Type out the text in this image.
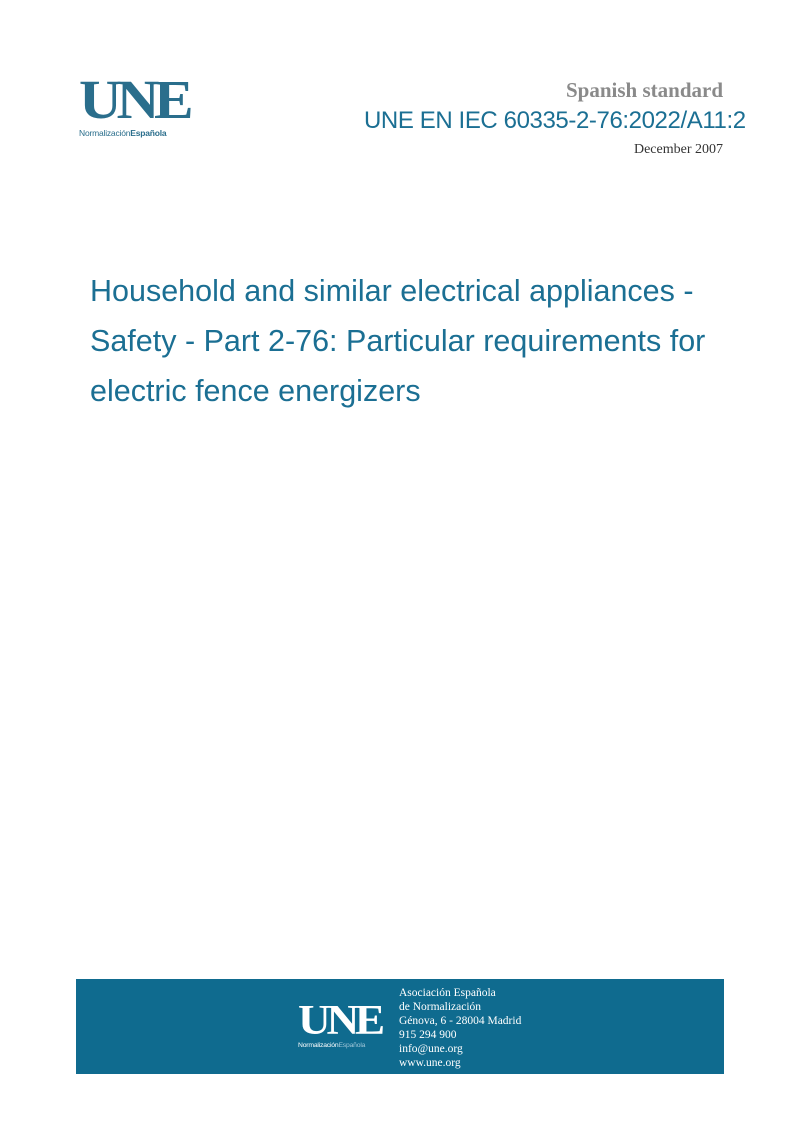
UNE
NormalizaciónEspañola
Spanish standard
UNE EN IEC 60335-2-76:2022/A11:2
December 2007
Household and similar electrical appliances - Safety - Part 2-76: Particular requirements for electric fence energizers
UNE
NormalizaciónEspañola
Asociación Española
de Normalización
Génova, 6 - 28004 Madrid
915 294 900
info@une.org
www.une.org
